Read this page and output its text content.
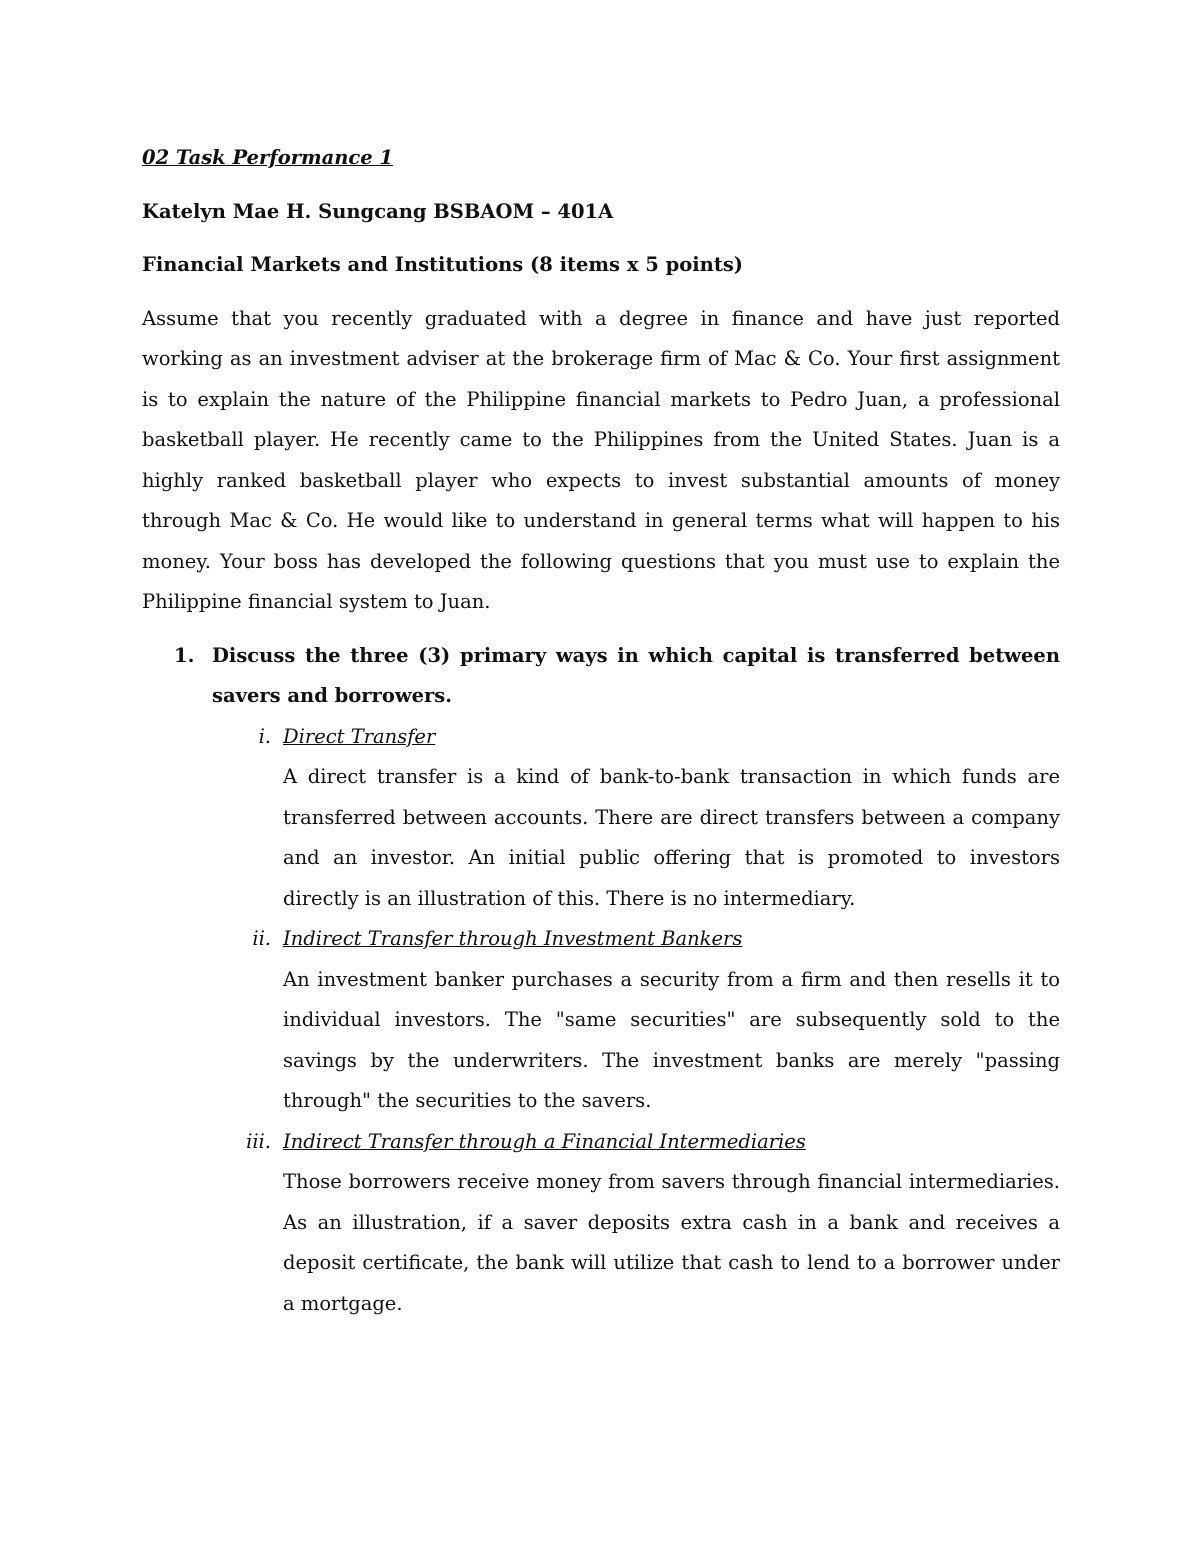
02 Task Performance 1
Katelyn Mae H. Sungcang BSBAOM – 401A
Financial Markets and Institutions (8 items x 5 points)
Assume that you recently graduated with a degree in finance and have just reported working as an investment adviser at the brokerage firm of Mac & Co. Your first assignment is to explain the nature of the Philippine financial markets to Pedro Juan, a professional basketball player. He recently came to the Philippines from the United States. Juan is a highly ranked basketball player who expects to invest substantial amounts of money through Mac & Co. He would like to understand in general terms what will happen to his money. Your boss has developed the following questions that you must use to explain the Philippine financial system to Juan.
1. Discuss the three (3) primary ways in which capital is transferred between savers and borrowers.
i. Direct Transfer
A direct transfer is a kind of bank-to-bank transaction in which funds are transferred between accounts. There are direct transfers between a company and an investor. An initial public offering that is promoted to investors directly is an illustration of this. There is no intermediary.
ii. Indirect Transfer through Investment Bankers
An investment banker purchases a security from a firm and then resells it to individual investors. The "same securities" are subsequently sold to the savings by the underwriters. The investment banks are merely "passing through" the securities to the savers.
iii. Indirect Transfer through a Financial Intermediaries
Those borrowers receive money from savers through financial intermediaries. As an illustration, if a saver deposits extra cash in a bank and receives a deposit certificate, the bank will utilize that cash to lend to a borrower under a mortgage.
